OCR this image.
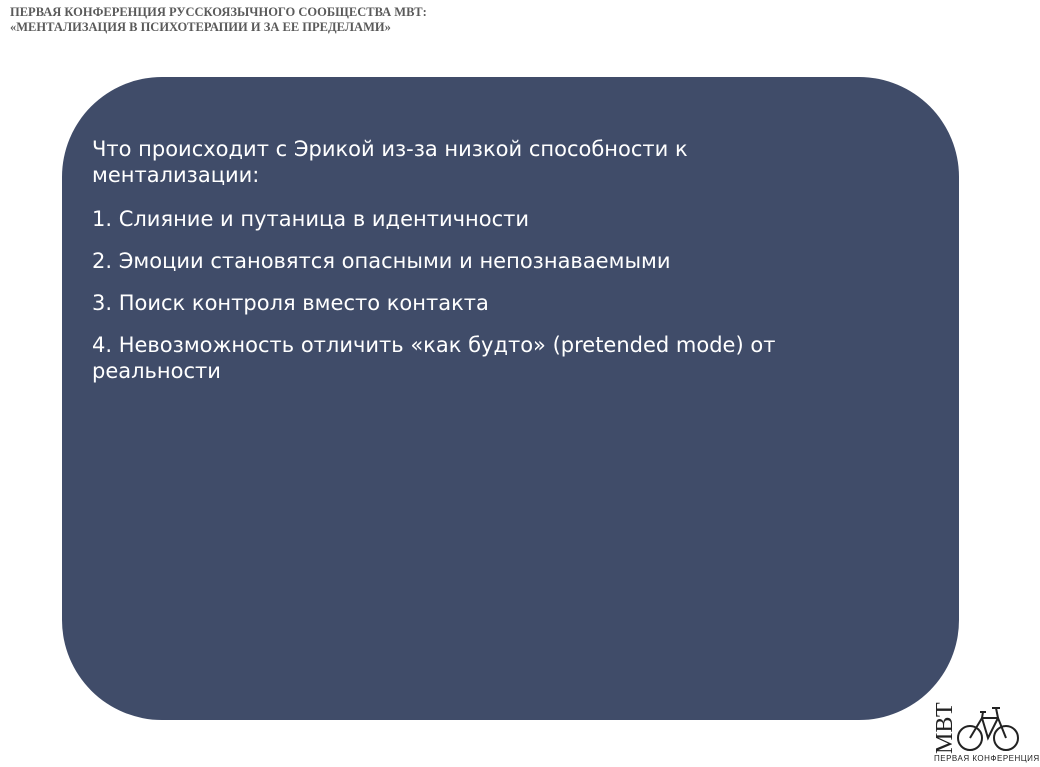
ПЕРВАЯ КОНФЕРЕНЦИЯ РУССКОЯЗЫЧНОГО СООБЩЕСТВА МВТ:
«МЕНТАЛИЗАЦИЯ В ПСИХОТЕРАПИИ И ЗА ЕЕ ПРЕДЕЛАМИ»

Что происходит с Эрикой из-за низкой способности к ментализации:

1. Слияние и путаница в идентичности

2. Эмоции становятся опасными и непознаваемыми

3. Поиск контроля вместо контакта

4. Невозможность отличить «как будто» (pretended mode) от реальности

МВТ
ПЕРВАЯ КОНФЕРЕНЦИЯ
